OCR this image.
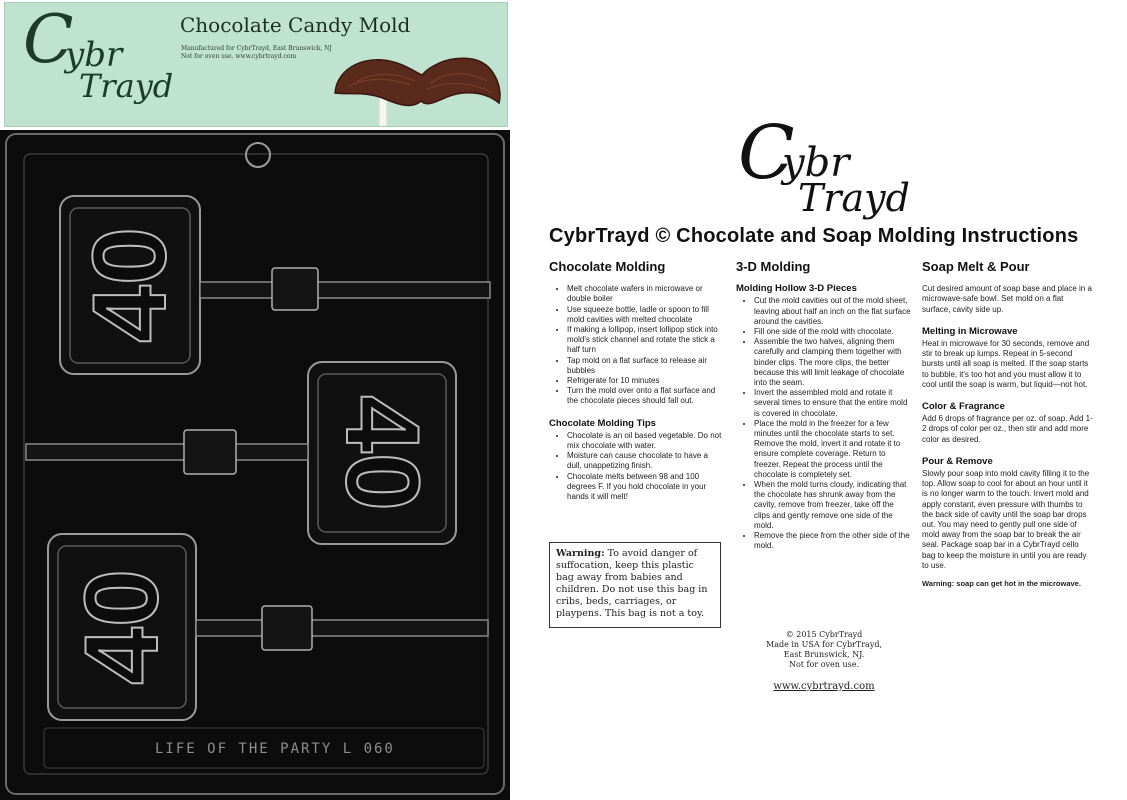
C
ybr
Trayd
Chocolate Candy Mold
Manufactured for CybrTrayd, East Brunswick, NJ
Not for oven use. www.cybrtrayd.com
40
40
40
LIFE OF THE PARTY L 060
C
ybr
Trayd
CybrTrayd © Chocolate and Soap Molding Instructions
Chocolate Molding
• Melt chocolate wafers in microwave or double boiler
• Use squeeze bottle, ladle or spoon to fill mold cavities with melted chocolate
• If making a lollipop, insert lollipop stick into mold's stick channel and rotate the stick a half turn
• Tap mold on a flat surface to release air bubbles
• Refrigerate for 10 minutes
• Turn the mold over onto a flat surface and the chocolate pieces should fall out.
Chocolate Molding Tips
• Chocolate is an oil based vegetable. Do not mix chocolate with water.
• Moisture can cause chocolate to have a dull, unappetizing finish.
• Chocolate melts between 98 and 100 degrees F. If you hold chocolate in your hands it will melt!
Warning: To avoid danger of suffocation, keep this plastic bag away from babies and children. Do not use this bag in cribs, beds, carriages, or playpens. This bag is not a toy.
3-D Molding
Molding Hollow 3-D Pieces
• Cut the mold cavities out of the mold sheet, leaving about half an inch on the flat surface around the cavities.
• Fill one side of the mold with chocolate.
• Assemble the two halves, aligning them carefully and clamping them together with binder clips. The more clips, the better because this will limit leakage of chocolate into the seam.
• Invert the assembled mold and rotate it several times to ensure that the entire mold is covered in chocolate.
• Place the mold in the freezer for a few minutes until the chocolate starts to set. Remove the mold, invert it and rotate it to ensure complete coverage. Return to freezer. Repeat the process until the chocolate is completely set.
• When the mold turns cloudy, indicating that the chocolate has shrunk away from the cavity, remove from freezer, take off the clips and gently remove one side of the mold.
• Remove the piece from the other side of the mold.
Soap Melt & Pour

Cut desired amount of soap base and place in a microwave-safe bowl. Set mold on a flat surface, cavity side up.

Melting in Microwave

Heat in microwave for 30 seconds, remove and stir to break up lumps. Repeat in 5-second bursts until all soap is melted. If the soap starts to bubble, it's too hot and you must allow it to cool until the soap is warm, but liquid—not hot.

Color & Fragrance

Add 6 drops of fragrance per oz. of soap. Add 1-2 drops of color per oz., then stir and add more color as desired.

Pour & Remove

Slowly pour soap into mold cavity filling it to the top. Allow soap to cool for about an hour until it is no longer warm to the touch. Invert mold and apply constant, even pressure with thumbs to the back side of cavity until the soap bar drops out. You may need to gently pull one side of mold away from the soap bar to break the air seal. Package soap bar in a CybrTrayd cello bag to keep the moisture in until you are ready to use.

Warning: soap can get hot in the microwave.

© 2015 CybrTrayd
Made in USA for CybrTrayd,
East Brunswick, NJ.
Not for oven use.
www.cybrtrayd.com
